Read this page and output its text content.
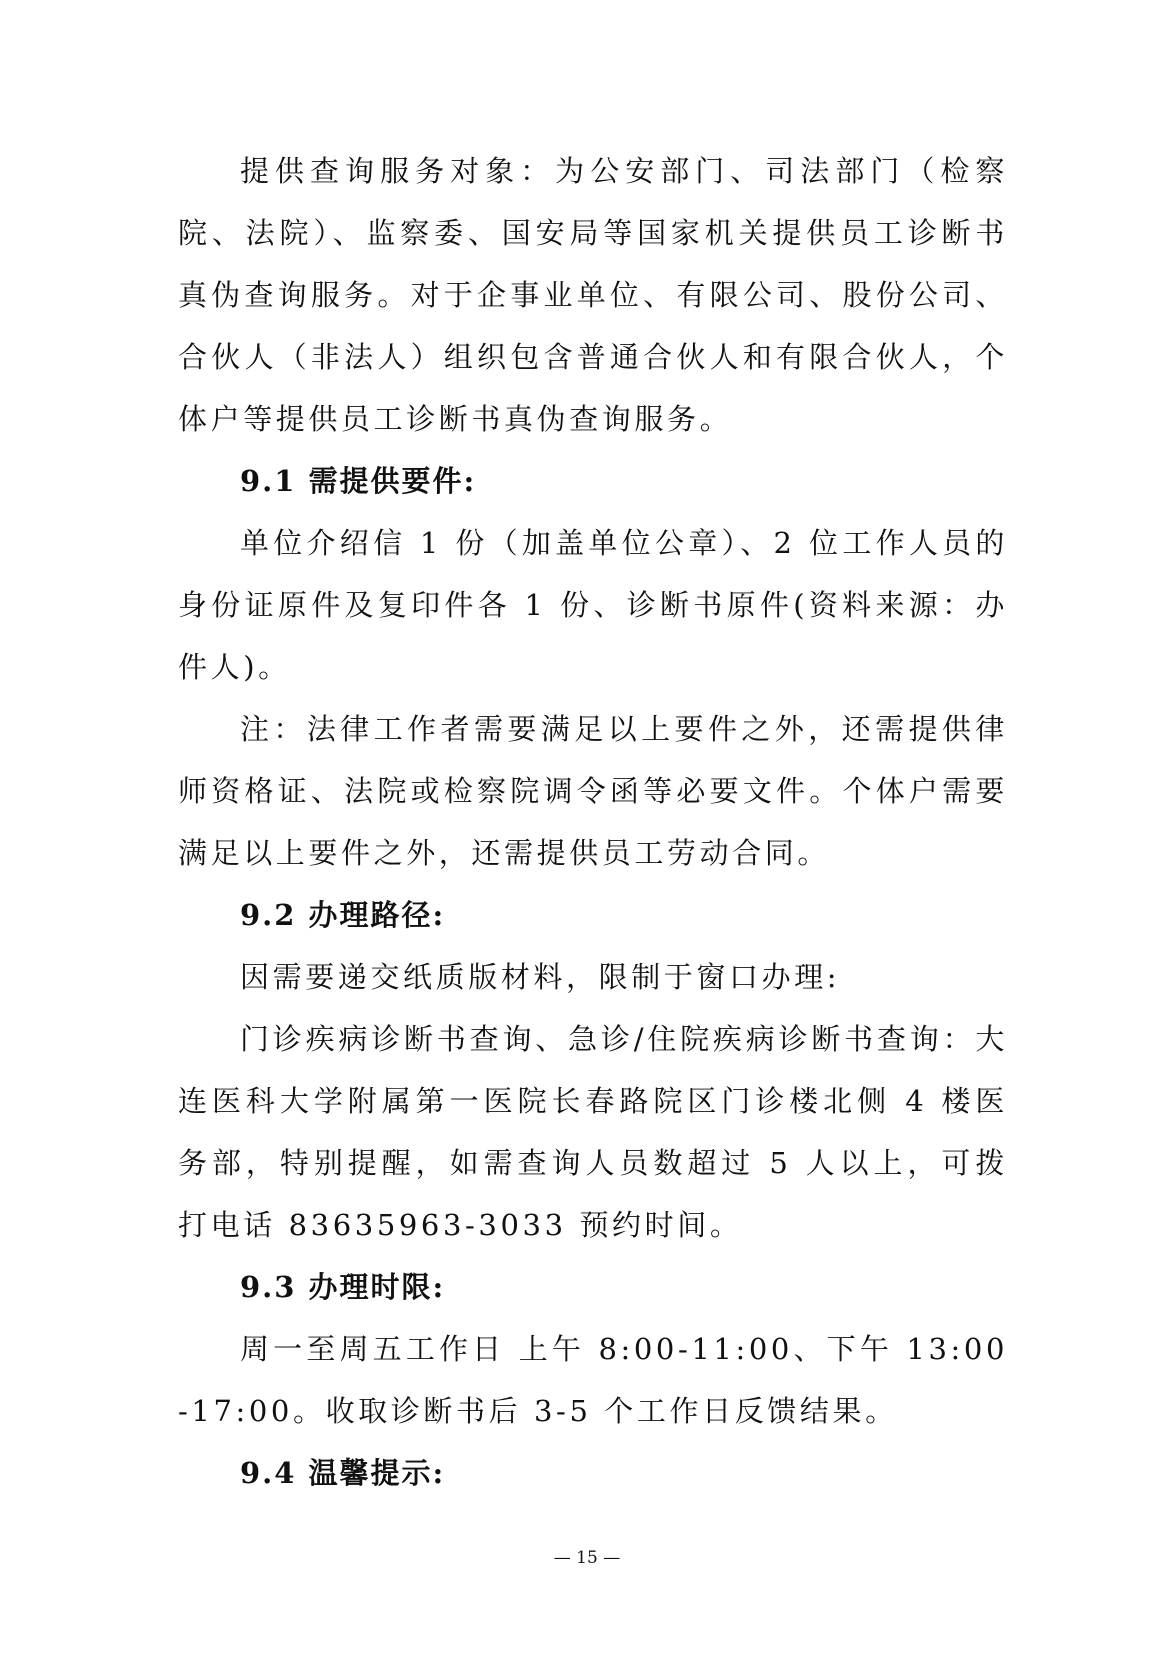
提供查询服务对象：为公安部门、司法部门（检察院、法院）、监察委、国安局等国家机关提供员工诊断书真伪查询服务。对于企事业单位、有限公司、股份公司、合伙人（非法人）组织包含普通合伙人和有限合伙人，个体户等提供员工诊断书真伪查询服务。

9.1 需提供要件:

单位介绍信 1 份（加盖单位公章）、2 位工作人员的身份证原件及复印件各 1 份、诊断书原件(资料来源：办件人)。

注：法律工作者需要满足以上要件之外，还需提供律师资格证、法院或检察院调令函等必要文件。个体户需要满足以上要件之外，还需提供员工劳动合同。

9.2 办理路径:

因需要递交纸质版材料，限制于窗口办理:

门诊疾病诊断书查询、急诊/住院疾病诊断书查询：大连医科大学附属第一医院长春路院区门诊楼北侧 4 楼医务部，特别提醒，如需查询人员数超过 5 人以上，可拨打电话 83635963-3033 预约时间。

9.3 办理时限:

周一至周五工作日 上午 8:00-11:00、下午 13:00-17:00。收取诊断书后 3-5 个工作日反馈结果。

9.4 温馨提示:

— 15 —
